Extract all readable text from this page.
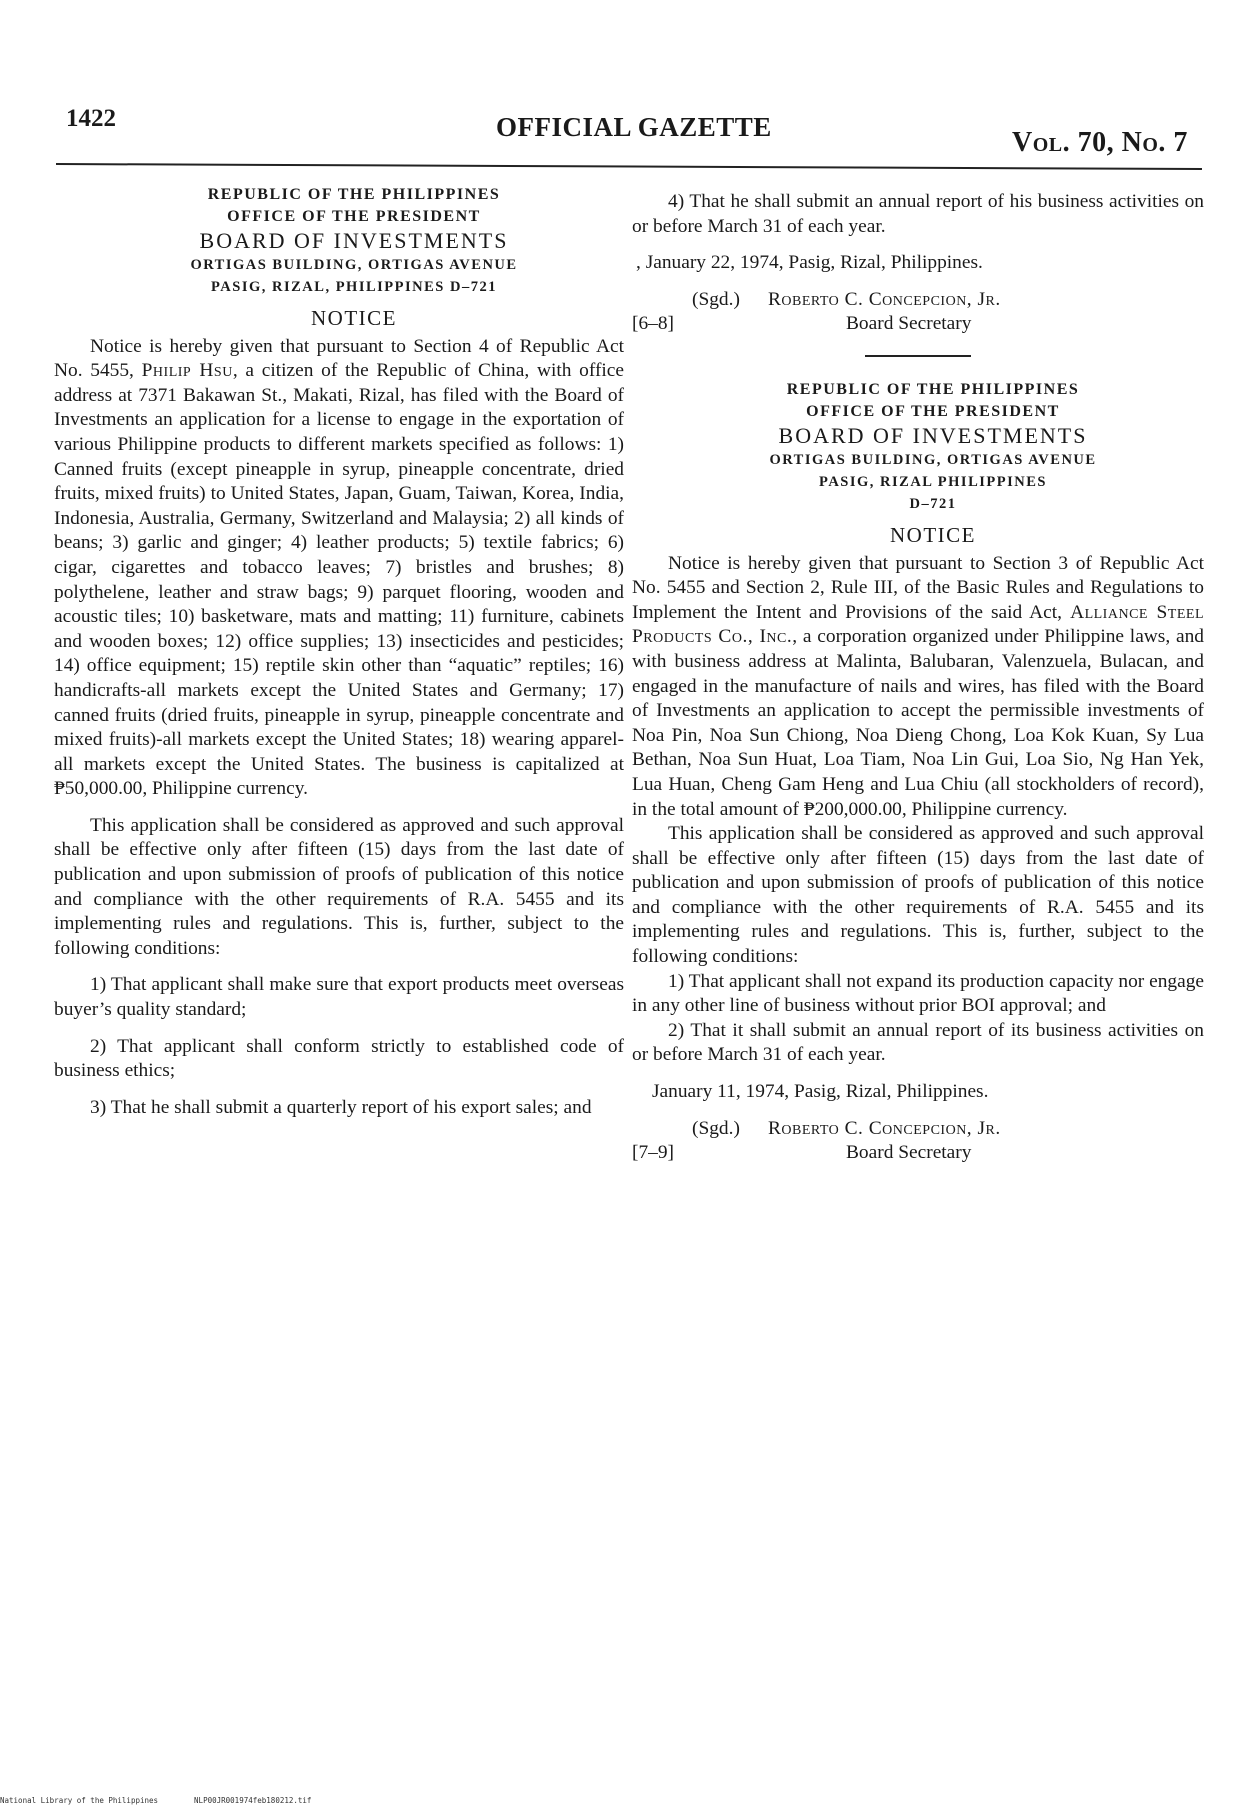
1422	OFFICIAL GAZETTE	Vol. 70, No. 7
REPUBLIC OF THE PHILIPPINES
OFFICE OF THE PRESIDENT
BOARD OF INVESTMENTS
ORTIGAS BUILDING, ORTIGAS AVENUE
PASIG, RIZAL, PHILIPPINES D–721
NOTICE

Notice is hereby given that pursuant to Section 4 of Republic Act No. 5455, Philip Hsu, a citizen of the Republic of China, with office address at 7371 Bakawan St., Makati, Rizal, has filed with the Board of Investments an application for a license to engage in the exportation of various Philippine products to different markets specified as follows: 1) Canned fruits (except pineapple in syrup, pineapple concentrate, dried fruits, mixed fruits) to United States, Japan, Guam, Taiwan, Korea, India, Indonesia, Australia, Germany, Switzerland and Malaysia; 2) all kinds of beans; 3) garlic and ginger; 4) leather products; 5) textile fabrics; 6) cigar, cigarettes and tobacco leaves; 7) bristles and brushes; 8) polythelene, leather and straw bags; 9) parquet flooring, wooden and acoustic tiles; 10) basketware, mats and matting; 11) furniture, cabinets and wooden boxes; 12) office supplies; 13) insecticides and pesticides; 14) office equipment; 15) reptile skin other than “aquatic” reptiles; 16) handicrafts-all markets except the United States and Germany; 17) canned fruits (dried fruits, pineapple in syrup, pineapple concentrate and mixed fruits)-all markets except the United States; 18) wearing apparel-all markets except the United States. The business is capitalized at ₱50,000.00, Philippine currency.

This application shall be considered as approved and such approval shall be effective only after fifteen (15) days from the last date of publication and upon submission of proofs of publication of this notice and compliance with the other requirements of R.A. 5455 and its implementing rules and regulations. This is, further, subject to the following conditions:

1) That applicant shall make sure that export products meet overseas buyer’s quality standard;

2) That applicant shall conform strictly to established code of business ethics;

3) That he shall submit a quarterly report of his export sales; and

4) That he shall submit an annual report of his business activities on or before March 31 of each year.

, January 22, 1974, Pasig, Rizal, Philippines.

(Sgd.) Roberto C. Concepcion, Jr.
[6–8]	Board Secretary
REPUBLIC OF THE PHILIPPINES
OFFICE OF THE PRESIDENT
BOARD OF INVESTMENTS
ORTIGAS BUILDING, ORTIGAS AVENUE
PASIG, RIZAL PHILIPPINES
D–721
NOTICE

Notice is hereby given that pursuant to Section 3 of Republic Act No. 5455 and Section 2, Rule III, of the Basic Rules and Regulations to Implement the Intent and Provisions of the said Act, Alliance Steel Products Co., Inc., a corporation organized under Philippine laws, and with business address at Malinta, Balubaran, Valenzuela, Bulacan, and engaged in the manufacture of nails and wires, has filed with the Board of Investments an application to accept the permissible investments of Noa Pin, Noa Sun Chiong, Noa Dieng Chong, Loa Kok Kuan, Sy Lua Bethan, Noa Sun Huat, Loa Tiam, Noa Lin Gui, Loa Sio, Ng Han Yek, Lua Huan, Cheng Gam Heng and Lua Chiu (all stockholders of record), in the total amount of ₱200,000.00, Philippine currency.

This application shall be considered as approved and such approval shall be effective only after fifteen (15) days from the last date of publication and upon submission of proofs of publication of this notice and compliance with the other requirements of R.A. 5455 and its implementing rules and regulations. This is, further, subject to the following conditions:

1) That applicant shall not expand its production capacity nor engage in any other line of business without prior BOI approval; and

2) That it shall submit an annual report of its business activities on or before March 31 of each year.

January 11, 1974, Pasig, Rizal, Philippines.

(Sgd.) Roberto C. Concepcion, Jr.
[7–9]	Board Secretary
National Library of the Philippines	NLP00JR001974feb180212.tif
